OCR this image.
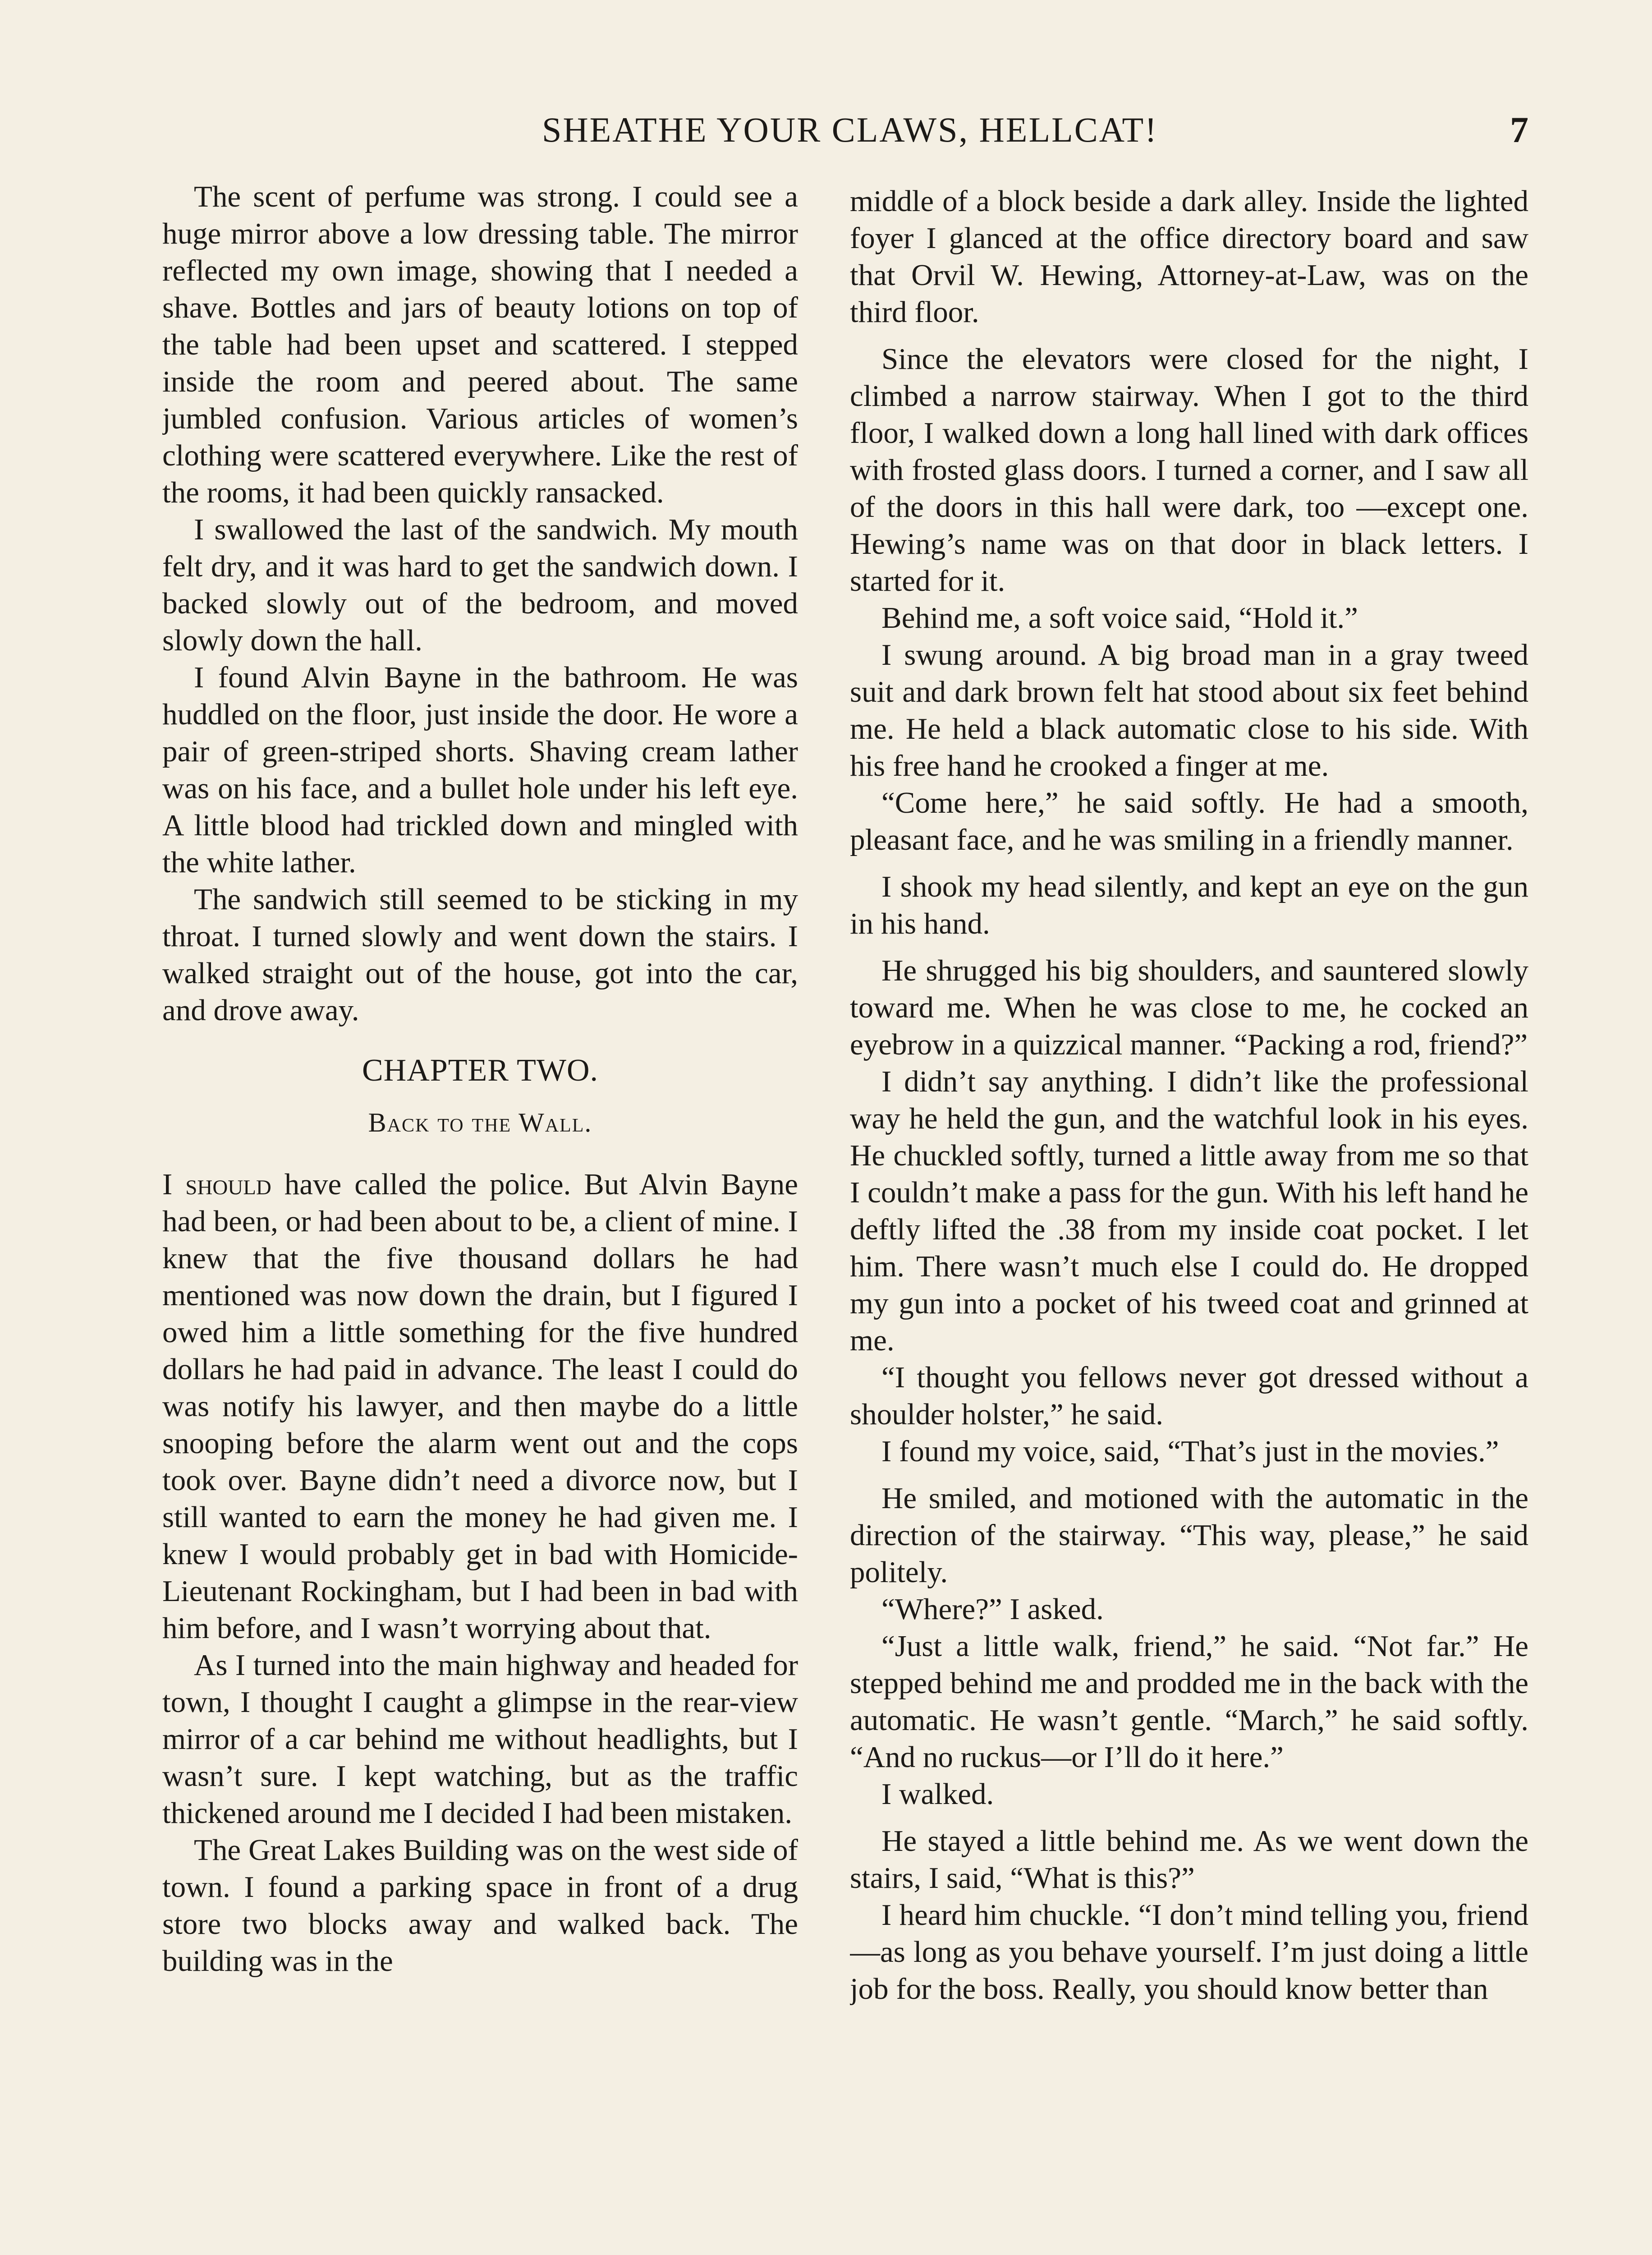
SHEATHE YOUR CLAWS, HELLCAT!	7

The scent of perfume was strong. I could see a huge mirror above a low dressing table. The mirror reflected my own image, showing that I needed a shave. Bottles and jars of beauty lotions on top of the table had been upset and scattered. I stepped inside the room and peered about. The same jumbled confusion. Various articles of women’s clothing were scattered everywhere. Like the rest of the rooms, it had been quickly ransacked.

I swallowed the last of the sandwich. My mouth felt dry, and it was hard to get the sandwich down. I backed slowly out of the bedroom, and moved slowly down the hall.

I found Alvin Bayne in the bathroom. He was huddled on the floor, just inside the door. He wore a pair of green-striped shorts. Shaving cream lather was on his face, and a bullet hole under his left eye. A little blood had trickled down and mingled with the white lather.

The sandwich still seemed to be sticking in my throat. I turned slowly and went down the stairs. I walked straight out of the house, got into the car, and drove away.

CHAPTER TWO.
Back to the Wall.

I should have called the police. But Alvin Bayne had been, or had been about to be, a client of mine. I knew that the five thousand dollars he had mentioned was now down the drain, but I figured I owed him a little something for the five hundred dollars he had paid in advance. The least I could do was notify his lawyer, and then maybe do a little snooping before the alarm went out and the cops took over. Bayne didn’t need a divorce now, but I still wanted to earn the money he had given me. I knew I would probably get in bad with Homicide-Lieutenant Rockingham, but I had been in bad with him before, and I wasn’t worrying about that.

As I turned into the main highway and headed for town, I thought I caught a glimpse in the rear-view mirror of a car behind me without headlights, but I wasn’t sure. I kept watching, but as the traffic thickened around me I decided I had been mistaken.

The Great Lakes Building was on the west side of town. I found a parking space in front of a drug store two blocks away and walked back. The building was in the

middle of a block beside a dark alley. Inside the lighted foyer I glanced at the office directory board and saw that Orvil W. Hewing, Attorney-at-Law, was on the third floor.

Since the elevators were closed for the night, I climbed a narrow stairway. When I got to the third floor, I walked down a long hall lined with dark offices with frosted glass doors. I turned a corner, and I saw all of the doors in this hall were dark, too —except one. Hewing’s name was on that door in black letters. I started for it.

Behind me, a soft voice said, “Hold it.”

I swung around. A big broad man in a gray tweed suit and dark brown felt hat stood about six feet behind me. He held a black automatic close to his side. With his free hand he crooked a finger at me.

“Come here,” he said softly. He had a smooth, pleasant face, and he was smiling in a friendly manner.

I shook my head silently, and kept an eye on the gun in his hand.

He shrugged his big shoulders, and sauntered slowly toward me. When he was close to me, he cocked an eyebrow in a quizzical manner. “Packing a rod, friend?”

I didn’t say anything. I didn’t like the professional way he held the gun, and the watchful look in his eyes. He chuckled softly, turned a little away from me so that I couldn’t make a pass for the gun. With his left hand he deftly lifted the .38 from my inside coat pocket. I let him. There wasn’t much else I could do. He dropped my gun into a pocket of his tweed coat and grinned at me.

“I thought you fellows never got dressed without a shoulder holster,” he said.

I found my voice, said, “That’s just in the movies.”

He smiled, and motioned with the automatic in the direction of the stairway. “This way, please,” he said politely.

“Where?” I asked.

“Just a little walk, friend,” he said. “Not far.” He stepped behind me and prodded me in the back with the automatic. He wasn’t gentle. “March,” he said softly. “And no ruckus—or I’ll do it here.”

I walked.

He stayed a little behind me. As we went down the stairs, I said, “What is this?”

I heard him chuckle. “I don’t mind telling you, friend—as long as you behave yourself. I’m just doing a little job for the boss. Really, you should know better than
